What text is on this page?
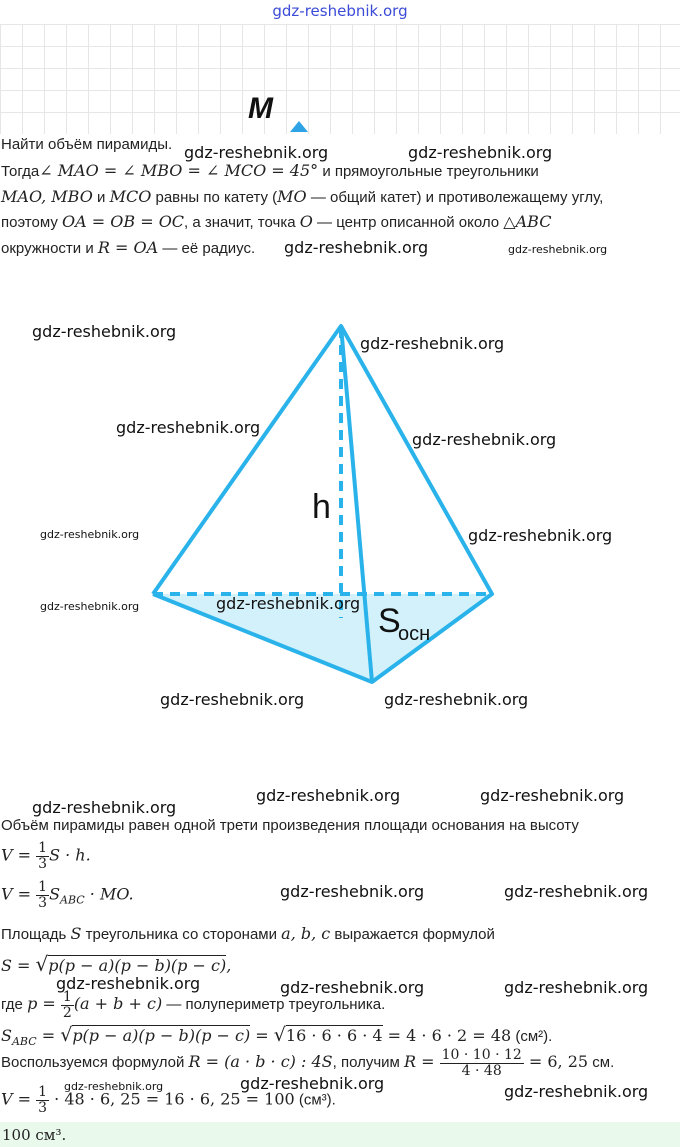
gdz-reshebnik.org
M
Найти объём пирамиды.
Тогда∠ MAO = ∠ MBO = ∠ MCO = 45° и прямоугольные треугольники
MAO, MBO и MCO равны по катету (MO — общий катет) и противолежащему углу,
поэтому OA = OB = OC, а значит, точка O — центр описанной около △ABC
окружности и R = OA — её радиус.
h
S
осн
Объём пирамиды равен одной трети произведения площади основания на высоту
$V = \frac{1}{3}$ S · h.
$V = \frac{1}{3} S_{ABC}$ · MO.
Площадь S треугольника со сторонами a, b, c выражается формулой
S = √p(p − a)(p − b)(p − c),
где $p = \frac{1}{2} (a + b + c)$ — полупериметр треугольника.
$S_{ABC} = √p(p - a)(p - b)(p - c) = √16 \cdot 6 \cdot 6 \cdot 4 = 4 \cdot 6 \cdot 2 = 48$ (см²).
Воспользуемся формулой R = (a · b · c) : 4S, получим $R = \frac{10 \cdot 10 \cdot 12}{4 \cdot 48} = 6$, 25 см.
$V = \frac{1}{3} \cdot 48 \cdot 6$, 25 = 16 · 6, 25 = 100 (см³).
100 см³.
gdz-reshebnik.org	gdz-reshebnik.org
gdz-reshebnik.org	gdz-reshebnik.org
gdz-reshebnik.org
gdz-reshebnik.org
gdz-reshebnik.org
gdz-reshebnik.org
gdz-reshebnik.org	gdz-reshebnik.org
gdz-reshebnik.org	gdz-reshebnik.org
gdz-reshebnik.org	gdz-reshebnik.org
gdz-reshebnik.org
gdz-reshebnik.org	gdz-reshebnik.org
gdz-reshebnik.org	gdz-reshebnik.org
gdz-reshebnik.org	gdz-reshebnik.org	gdz-reshebnik.org
gdz-reshebnik.org	gdz-reshebnik.org	gdz-reshebnik.org
